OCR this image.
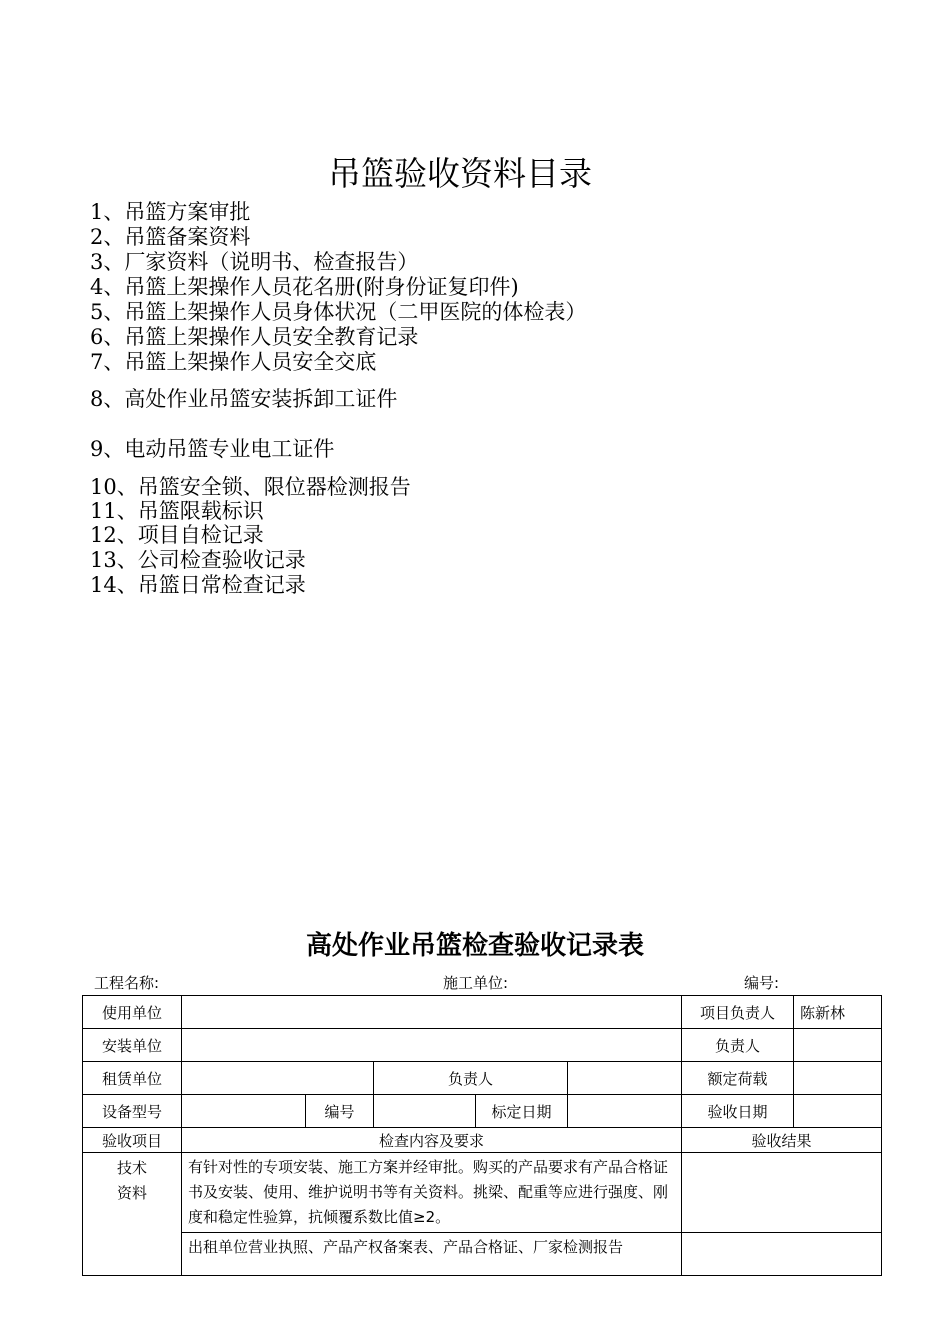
吊篮验收资料目录
1、吊篮方案审批
2、吊篮备案资料
3、厂家资料（说明书、检查报告）
4、吊篮上架操作人员花名册(附身份证复印件)
5、吊篮上架操作人员身体状况（二甲医院的体检表）
6、吊篮上架操作人员安全教育记录
7、吊篮上架操作人员安全交底
8、高处作业吊篮安装拆卸工证件
9、电动吊篮专业电工证件
10、吊篮安全锁、限位器检测报告
11、吊篮限载标识
12、项目自检记录
13、公司检查验收记录
14、吊篮日常检查记录
高处作业吊篮检查验收记录表
工程名称:	施工单位:	编号:
使用单位						项目负责人	陈新林
安装单位						负责人	
租赁单位			负责人			额定荷载	
设备型号		编号		标定日期		验收日期	
验收项目	检查内容及要求					验收结果	
技术
资料	有针对性的专项安装、施工方案并经审批。购买的产品要求有产品合格证书及安装、使用、维护说明书等有关资料。挑梁、配重等应进行强度、刚度和稳定性验算，抗倾覆系数比值≥2。						
	出租单位营业执照、产品产权备案表、产品合格证、厂家检测报告						
